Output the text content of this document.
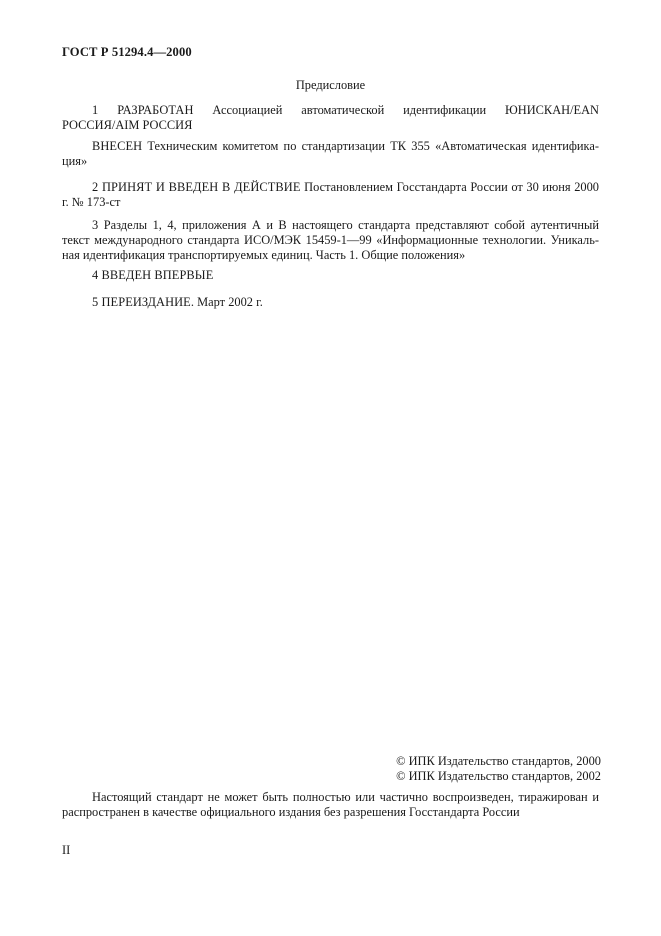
ГОСТ Р 51294.4—2000
Предисловие
1 РАЗРАБОТАН Ассоциацией автоматической идентификации ЮНИСКАН/EAN РОССИЯ/AIM РОССИЯ
ВНЕСЕН Техническим комитетом по стандартизации ТК 355 «Автоматическая идентификация»
2 ПРИНЯТ И ВВЕДЕН В ДЕЙСТВИЕ Постановлением Госстандарта России от 30 июня 2000 г. № 173-ст
3 Разделы 1, 4, приложения А и В настоящего стандарта представляют собой аутентичный текст международного стандарта ИСО/МЭК 15459-1—99 «Информационные технологии. Уникальная идентификация транспортируемых единиц. Часть 1. Общие положения»
4 ВВЕДЕН ВПЕРВЫЕ
5 ПЕРЕИЗДАНИЕ. Март 2002 г.
© ИПК Издательство стандартов, 2000
© ИПК Издательство стандартов, 2002
Настоящий стандарт не может быть полностью или частично воспроизведен, тиражирован и распространен в качестве официального издания без разрешения Госстандарта России
II
